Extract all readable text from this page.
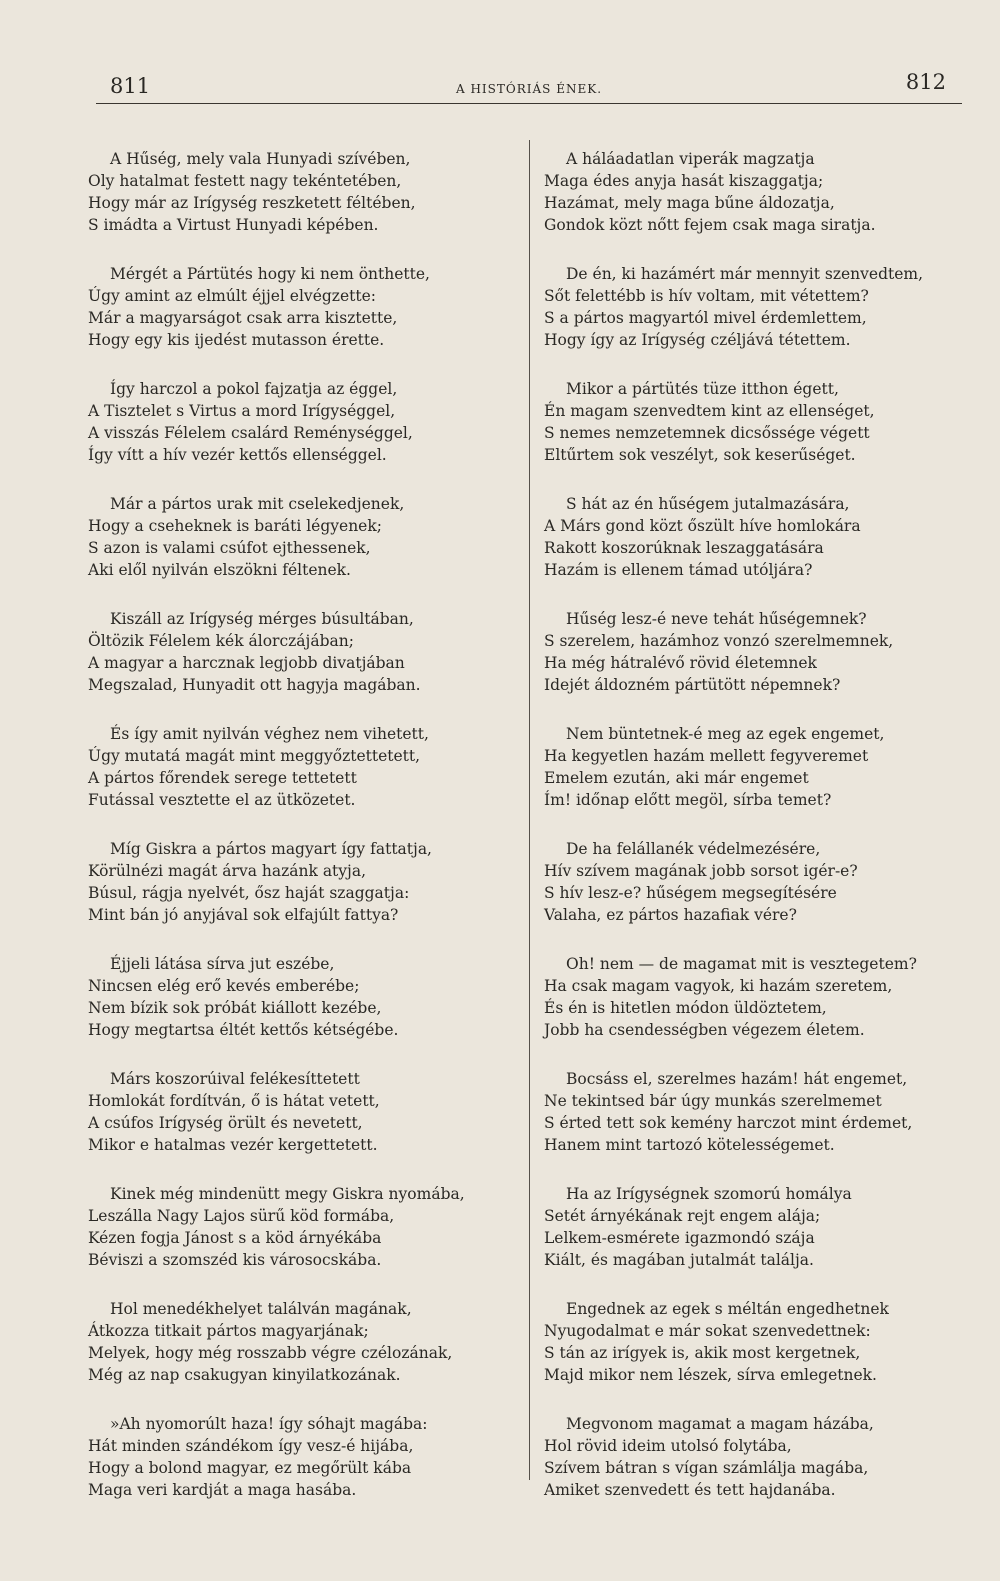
811	A HISTÓRIÁS ÉNEK.	812
A Hűség, mely vala Hunyadi szívében,
Oly hatalmat festett nagy tekéntetében,
Hogy már az Irígység reszketett féltében,
S imádta a Virtust Hunyadi képében.
Mérgét a Pártütés hogy ki nem önthette,
Úgy amint az elmúlt éjjel elvégzette:
Már a magyarságot csak arra kisztette,
Hogy egy kis ijedést mutasson érette.
Így harczol a pokol fajzatja az éggel,
A Tisztelet s Virtus a mord Irígységgel,
A visszás Félelem csalárd Reménységgel,
Így vítt a hív vezér kettős ellenséggel.
Már a pártos urak mit cselekedjenek,
Hogy a cseheknek is baráti légyenek;
S azon is valami csúfot ejthessenek,
Aki elől nyilván elszökni féltenek.
Kiszáll az Irígység mérges búsultában,
Öltözik Félelem kék álorczájában;
A magyar a harcznak legjobb divatjában
Megszalad, Hunyadit ott hagyja magában.
És így amit nyilván véghez nem vihetett,
Úgy mutatá magát mint meggyőztettetett,
A pártos főrendek serege tettetett
Futással vesztette el az ütközetet.
Míg Giskra a pártos magyart így fattatja,
Körülnézi magát árva hazánk atyja,
Búsul, rágja nyelvét, ősz haját szaggatja:
Mint bán jó anyjával sok elfajúlt fattya?
Éjjeli látása sírva jut eszébe,
Nincsen elég erő kevés emberébe;
Nem bízik sok próbát kiállott kezébe,
Hogy megtartsa éltét kettős kétségébe.
Márs koszorúival felékesíttetett
Homlokát fordítván, ő is hátat vetett,
A csúfos Irígység örült és nevetett,
Mikor e hatalmas vezér kergettetett.
Kinek még mindenütt megy Giskra nyomába,
Leszálla Nagy Lajos sürű köd formába,
Kézen fogja Jánost s a köd árnyékába
Béviszi a szomszéd kis városocskába.
Hol menedékhelyet találván magának,
Átkozza titkait pártos magyarjának;
Melyek, hogy még rosszabb végre czélozának,
Még az nap csakugyan kinyilatkozának.
»Ah nyomorúlt haza! így sóhajt magába:
Hát minden szándékom így vesz-é hijába,
Hogy a bolond magyar, ez megőrült kába
Maga veri kardját a maga hasába.
A háláadatlan viperák magzatja
Maga édes anyja hasát kiszaggatja;
Hazámat, mely maga bűne áldozatja,
Gondok közt nőtt fejem csak maga siratja.
De én, ki hazámért már mennyit szenvedtem,
Sőt felettébb is hív voltam, mit vétettem?
S a pártos magyartól mivel érdemlettem,
Hogy így az Irígység czéljává tétettem.
Mikor a pártütés tüze itthon égett,
Én magam szenvedtem kint az ellenséget,
S nemes nemzetemnek dicsőssége végett
Eltűrtem sok veszélyt, sok keserűséget.
S hát az én hűségem jutalmazására,
A Márs gond közt őszült híve homlokára
Rakott koszorúknak leszaggatására
Hazám is ellenem támad utóljára?
Hűség lesz-é neve tehát hűségemnek?
S szerelem, hazámhoz vonzó szerelmemnek,
Ha még hátralévő rövid életemnek
Idejét áldozném pártütött népemnek?
Nem büntetnek-é meg az egek engemet,
Ha kegyetlen hazám mellett fegyveremet
Emelem ezután, aki már engemet
Ím! időnap előtt megöl, sírba temet?
De ha felállanék védelmezésére,
Hív szívem magának jobb sorsot igér-e?
S hív lesz-e? hűségem megsegítésére
Valaha, ez pártos hazafiak vére?
Oh! nem — de magamat mit is vesztegetem?
Ha csak magam vagyok, ki hazám szeretem,
És én is hitetlen módon üldöztetem,
Jobb ha csendességben végezem életem.
Bocsáss el, szerelmes hazám! hát engemet,
Ne tekintsed bár úgy munkás szerelmemet
S érted tett sok kemény harczot mint érdemet,
Hanem mint tartozó kötelességemet.
Ha az Irígységnek szomorú homálya
Setét árnyékának rejt engem alája;
Lelkem-esmérete igazmondó szája
Kiált, és magában jutalmát találja.
Engednek az egek s méltán engedhetnek
Nyugodalmat e már sokat szenvedettnek:
S tán az irígyek is, akik most kergetnek,
Majd mikor nem lészek, sírva emlegetnek.
Megvonom magamat a magam házába,
Hol rövid ideim utolsó folytába,
Szívem bátran s vígan számlálja magába,
Amiket szenvedett és tett hajdanába.
